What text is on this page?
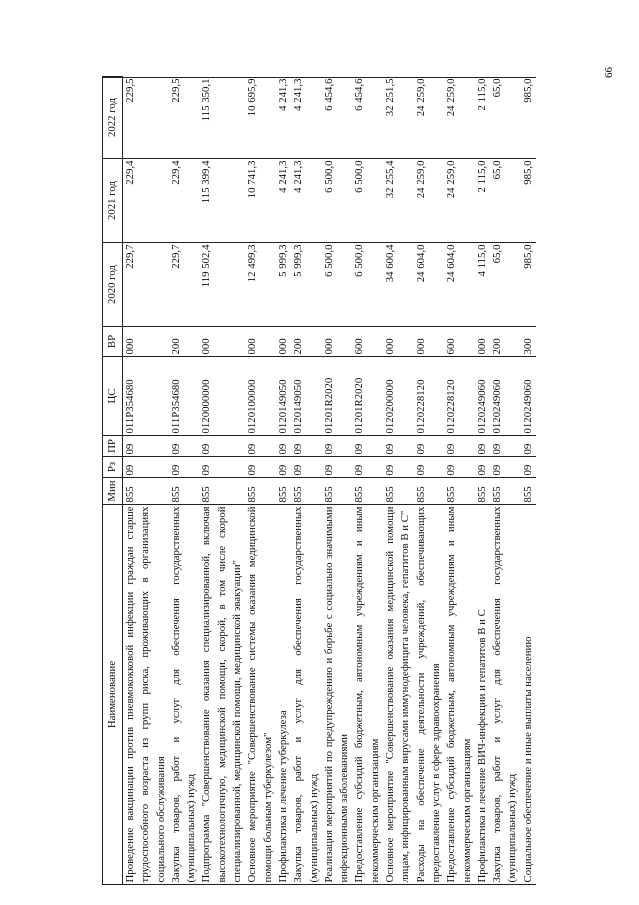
66
Наименование	Мин	Рз	ПР	ЦС	ВР	2020 год	2021 год	2022 год
Проведение вакцинации против пневмококковой инфекции граждан старше трудоспособного возраста из групп риска, проживающих в организациях социального обслуживания	855	09	09	011P354680	000	229,7	229,4	229,5
Закупка товаров, работ и услуг для обеспечения государственных (муниципальных) нужд	855	09	09	011P354680	200	229,7	229,4	229,5
Подпрограмма "Совершенствование оказания специализированной, включая высокотехнологичную, медицинской помощи, скорой, в том числе скорой специализированной, медицинской помощи, медицинской эвакуации"	855	09	09	0120000000	000	119 502,4	115 399,4	115 350,1
Основное мероприятие "Совершенствование системы оказания медицинской помощи больным туберкулезом"	855	09	09	0120100000	000	12 499,3	10 741,3	10 695,9
Профилактика и лечение туберкулеза	855	09	09	0120149050	000	5 999,3	4 241,3	4 241,3
Закупка товаров, работ и услуг для обеспечения государственных (муниципальных) нужд	855	09	09	0120149050	200	5 999,3	4 241,3	4 241,3
Реализация мероприятий по предупреждению и борьбе с социально значимыми инфекционными заболеваниями	855	09	09	01201R2020	000	6 500,0	6 500,0	6 454,6
Предоставление субсидий бюджетным, автономным учреждениям и иным некоммерческим организациям	855	09	09	01201R2020	600	6 500,0	6 500,0	6 454,6
Основное мероприятие "Совершенствование оказания медицинской помощи лицам, инфицированным вирусами иммунодефицита человека, гепатитов В и С"	855	09	09	0120200000	000	34 600,4	32 255,4	32 251,5
Расходы на обеспечение деятельности учреждений, обеспечивающих предоставление услуг в сфере здравоохранения	855	09	09	0120228120	000	24 604,0	24 259,0	24 259,0
Предоставление субсидий бюджетным, автономным учреждениям и иным некоммерческим организациям	855	09	09	0120228120	600	24 604,0	24 259,0	24 259,0
Профилактика и лечение ВИЧ-инфекции и гепатитов В и С	855	09	09	0120249060	000	4 115,0	2 115,0	2 115,0
Закупка товаров, работ и услуг для обеспечения государственных (муниципальных) нужд	855	09	09	0120249060	200	65,0	65,0	65,0
Социальное обеспечение и иные выплаты населению	855	09	09	0120249060	300	985,0	985,0	985,0
